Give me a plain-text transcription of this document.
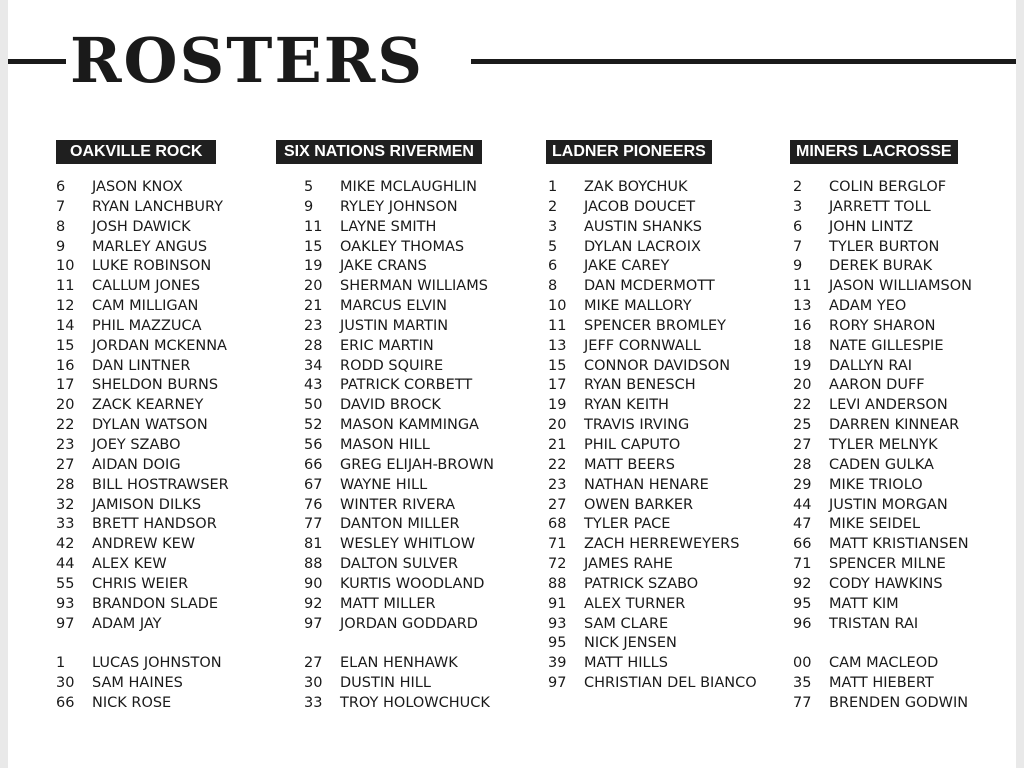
ROSTERS
OAKVILLE ROCK
6 JASON KNOX
7 RYAN LANCHBURY
8 JOSH DAWICK
9 MARLEY ANGUS
10 LUKE ROBINSON
11 CALLUM JONES
12 CAM MILLIGAN
14 PHIL MAZZUCA
15 JORDAN MCKENNA
16 DAN LINTNER
17 SHELDON BURNS
20 ZACK KEARNEY
22 DYLAN WATSON
23 JOEY SZABO
27 AIDAN DOIG
28 BILL HOSTRAWSER
32 JAMISON DILKS
33 BRETT HANDSOR
42 ANDREW KEW
44 ALEX KEW
55 CHRIS WEIER
93 BRANDON SLADE
97 ADAM JAY
1 LUCAS JOHNSTON
30 SAM HAINES
66 NICK ROSE
SIX NATIONS RIVERMEN
5 MIKE MCLAUGHLIN
9 RYLEY JOHNSON
11 LAYNE SMITH
15 OAKLEY THOMAS
19 JAKE CRANS
20 SHERMAN WILLIAMS
21 MARCUS ELVIN
23 JUSTIN MARTIN
28 ERIC MARTIN
34 RODD SQUIRE
43 PATRICK CORBETT
50 DAVID BROCK
52 MASON KAMMINGA
56 MASON HILL
66 GREG ELIJAH-BROWN
67 WAYNE HILL
76 WINTER RIVERA
77 DANTON MILLER
81 WESLEY WHITLOW
88 DALTON SULVER
90 KURTIS WOODLAND
92 MATT MILLER
97 JORDAN GODDARD
27 ELAN HENHAWK
30 DUSTIN HILL
33 TROY HOLOWCHUCK
LADNER PIONEERS
1 ZAK BOYCHUK
2 JACOB DOUCET
3 AUSTIN SHANKS
5 DYLAN LACROIX
6 JAKE CAREY
8 DAN MCDERMOTT
10 MIKE MALLORY
11 SPENCER BROMLEY
13 JEFF CORNWALL
15 CONNOR DAVIDSON
17 RYAN BENESCH
19 RYAN KEITH
20 TRAVIS IRVING
21 PHIL CAPUTO
22 MATT BEERS
23 NATHAN HENARE
27 OWEN BARKER
68 TYLER PACE
71 ZACH HERREWEYERS
72 JAMES RAHE
88 PATRICK SZABO
91 ALEX TURNER
93 SAM CLARE
95 NICK JENSEN
39 MATT HILLS
97 CHRISTIAN DEL BIANCO
MINERS LACROSSE
2 COLIN BERGLOF
3 JARRETT TOLL
6 JOHN LINTZ
7 TYLER BURTON
9 DEREK BURAK
11 JASON WILLIAMSON
13 ADAM YEO
16 RORY SHARON
18 NATE GILLESPIE
19 DALLYN RAI
20 AARON DUFF
22 LEVI ANDERSON
25 DARREN KINNEAR
27 TYLER MELNYK
28 CADEN GULKA
29 MIKE TRIOLO
44 JUSTIN MORGAN
47 MIKE SEIDEL
66 MATT KRISTIANSEN
71 SPENCER MILNE
92 CODY HAWKINS
95 MATT KIM
96 TRISTAN RAI
00 CAM MACLEOD
35 MATT HIEBERT
77 BRENDEN GODWIN
